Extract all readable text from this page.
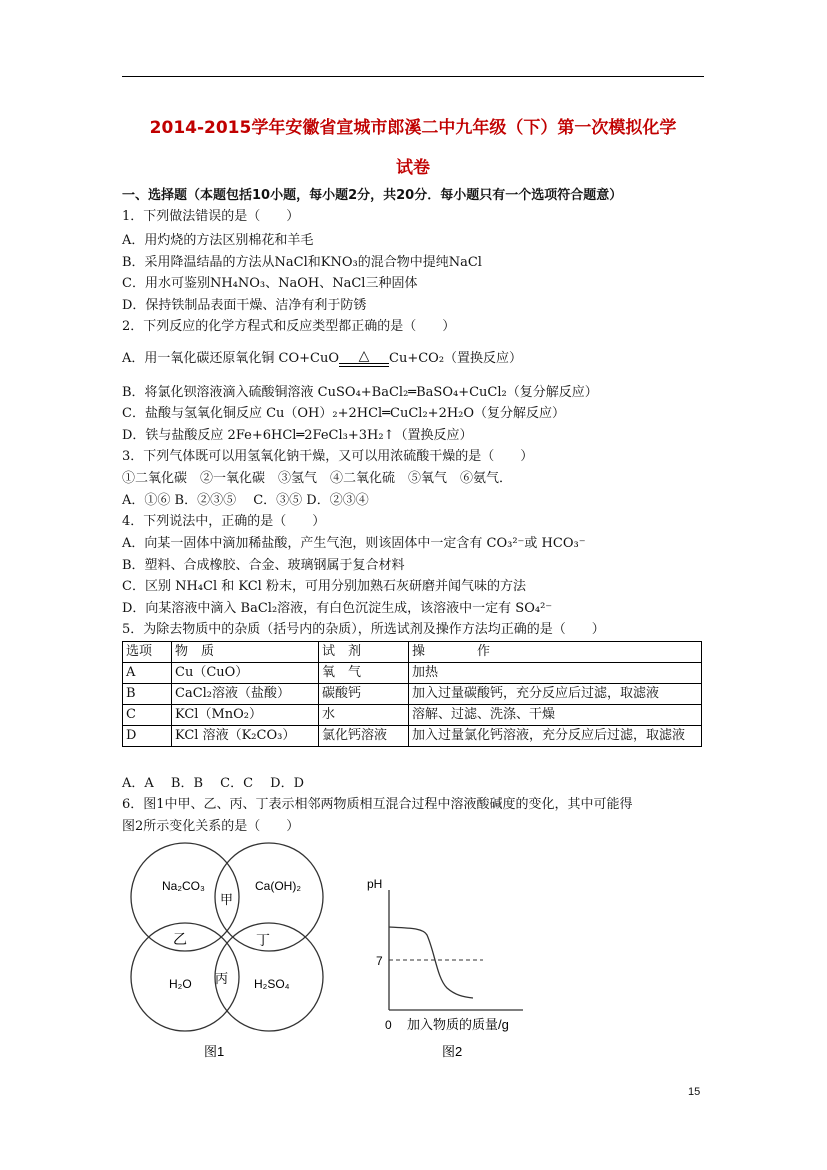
2014-2015学年安徽省宣城市郎溪二中九年级（下）第一次模拟化学
试卷
一、选择题（本题包括10小题，每小题2分，共20分．每小题只有一个选项符合题意）
1．下列做法错误的是（　　）
A．用灼烧的方法区别棉花和羊毛
B．采用降温结晶的方法从NaCl和KNO₃的混合物中提纯NaCl
C．用水可鉴别NH₄NO₃、NaOH、NaCl三种固体
D．保持铁制品表面干燥、洁净有利于防锈
2．下列反应的化学方程式和反应类型都正确的是（　　）
A．用一氧化碳还原氧化铜 CO+CuO	△	Cu+CO₂（置换反应）
B．将氯化钡溶液滴入硫酸铜溶液 CuSO₄+BaCl₂═BaSO₄+CuCl₂（复分解反应）
C．盐酸与氢氧化铜反应 Cu（OH）₂+2HCl═CuCl₂+2H₂O（复分解反应）
D．铁与盐酸反应 2Fe+6HCl═2FeCl₃+3H₂↑（置换反应）
3．下列气体既可以用氢氧化钠干燥，又可以用浓硫酸干燥的是（　　）
①二氧化碳　②一氧化碳　③氢气　④二氧化硫　⑤氧气　⑥氨气．
A．①⑥ B．②③⑤　 C．③⑤ D．②③④
4．下列说法中，正确的是（　　）
A．向某一固体中滴加稀盐酸，产生气泡，则该固体中一定含有 CO₃²⁻或 HCO₃⁻
B．塑料、合成橡胶、合金、玻璃钢属于复合材料
C．区别 NH₄Cl 和 KCl 粉末，可用分别加熟石灰研磨并闻气味的方法
D．向某溶液中滴入 BaCl₂溶液，有白色沉淀生成，该溶液中一定有 SO₄²⁻
5．为除去物质中的杂质（括号内的杂质），所选试剂及操作方法均正确的是（　　）
选项	物　质	试　剂	操　　　　作
A	Cu（CuO）	氧　气	加热
B	CaCl₂溶液（盐酸）	碳酸钙	加入过量碳酸钙，充分反应后过滤，取滤液
C	KCl（MnO₂）	水	溶解、过滤、洗涤、干燥
D	KCl 溶液（K₂CO₃）	氯化钙溶液	加入过量氯化钙溶液，充分反应后过滤，取滤液
A．A　 B．B　 C．C　 D．D
6．图1中甲、乙、丙、丁表示相邻两物质相互混合过程中溶液酸碱度的变化，其中可能得
图2所示变化关系的是（　　）
Na₂CO₃	Ca(OH)₂
H₂O	H₂SO₄
甲
乙	丁
丙
图1
pH
7
0 加入物质的质量/g
图2
15
